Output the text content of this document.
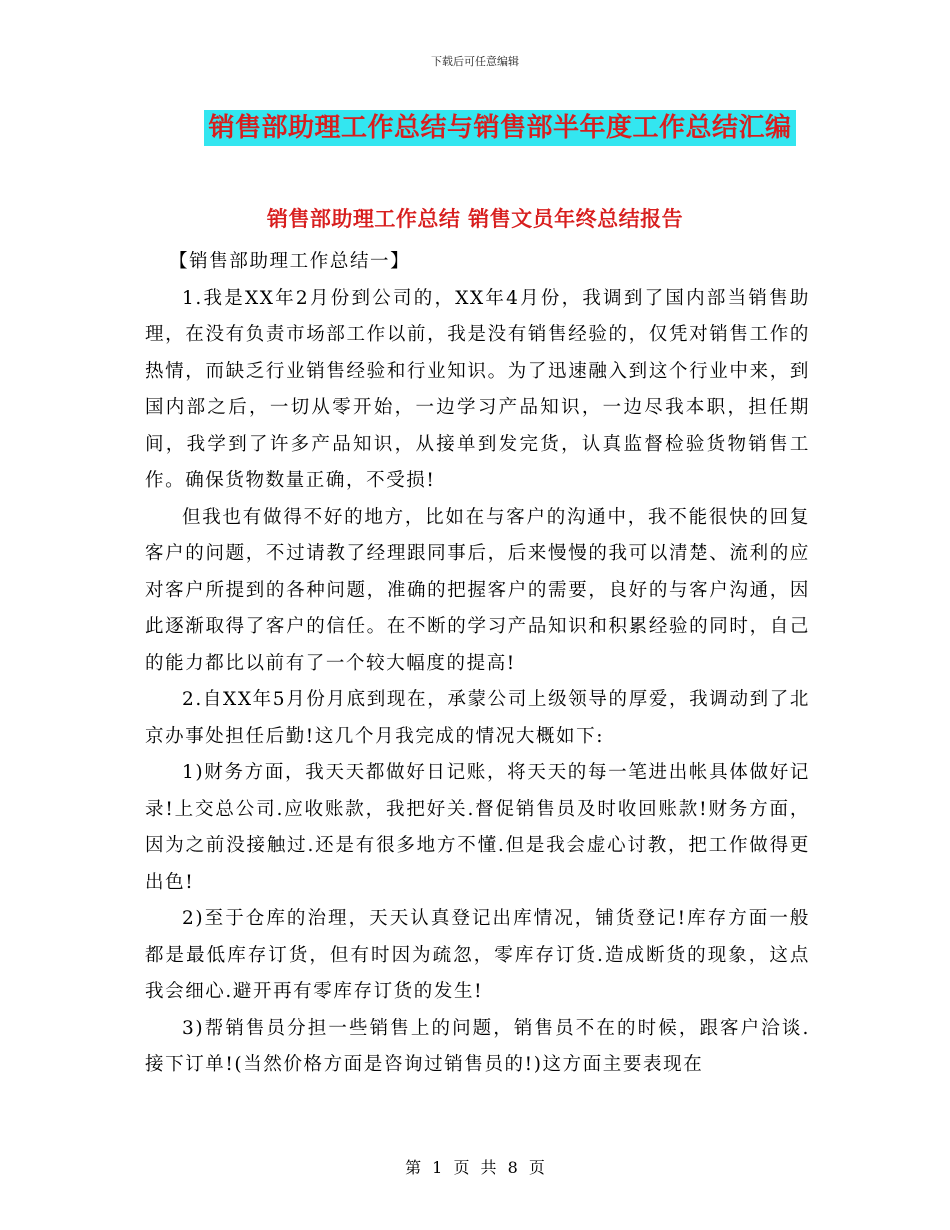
下载后可任意编辑
销售部助理工作总结与销售部半年度工作总结汇编
销售部助理工作总结 销售文员年终总结报告

【销售部助理工作总结一】

1.我是XX年2月份到公司的，XX年4月份，我调到了国内部当销售助理，在没有负责市场部工作以前，我是没有销售经验的，仅凭对销售工作的热情，而缺乏行业销售经验和行业知识。为了迅速融入到这个行业中来，到国内部之后，一切从零开始，一边学习产品知识，一边尽我本职，担任期间，我学到了许多产品知识，从接单到发完货，认真监督检验货物销售工作。确保货物数量正确，不受损!

但我也有做得不好的地方，比如在与客户的沟通中，我不能很快的回复客户的问题，不过请教了经理跟同事后，后来慢慢的我可以清楚、流利的应对客户所提到的各种问题，准确的把握客户的需要，良好的与客户沟通，因此逐渐取得了客户的信任。在不断的学习产品知识和积累经验的同时，自己的能力都比以前有了一个较大幅度的提高!

2.自XX年5月份月底到现在，承蒙公司上级领导的厚爱，我调动到了北京办事处担任后勤!这几个月我完成的情况大概如下:

1)财务方面，我天天都做好日记账，将天天的每一笔进出帐具体做好记录!上交总公司.应收账款，我把好关.督促销售员及时收回账款!财务方面，因为之前没接触过.还是有很多地方不懂.但是我会虚心讨教，把工作做得更出色!

2)至于仓库的治理，天天认真登记出库情况，铺货登记!库存方面一般都是最低库存订货，但有时因为疏忽，零库存订货.造成断货的现象，这点我会细心.避开再有零库存订货的发生!

3)帮销售员分担一些销售上的问题，销售员不在的时候，跟客户洽谈.接下订单!(当然价格方面是咨询过销售员的!)这方面主要表现在

第 1 页 共 8 页
